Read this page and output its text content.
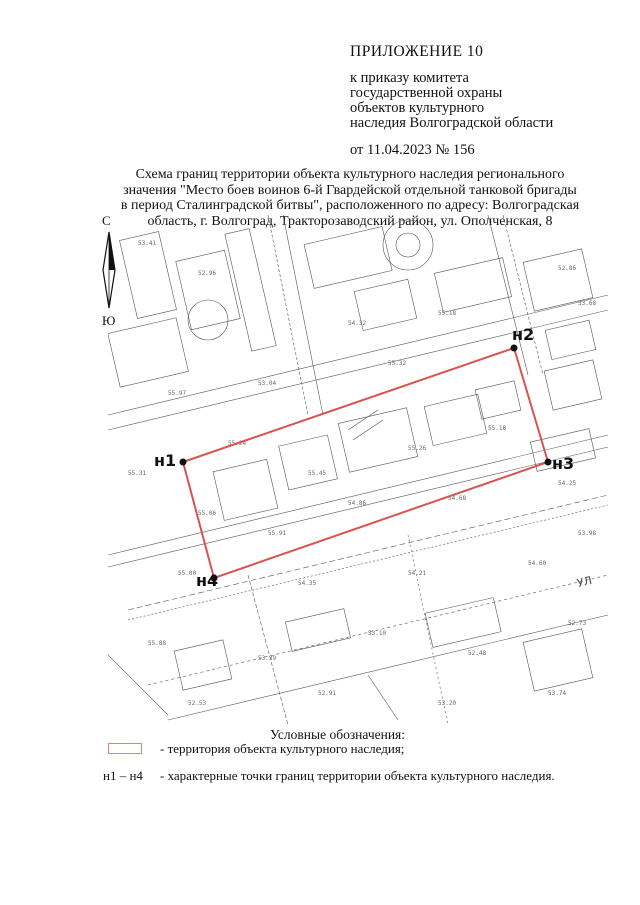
ПРИЛОЖЕНИЕ 10
к приказу комитета
государственной охраны
объектов культурного
наследия Волгоградской области
от 11.04.2023 № 156
Схема границ территории объекта культурного наследия регионального
значения "Место боев воинов 6-й Гвардейской отдельной танковой бригады
в период Сталинградской битвы", расположенного по адресу: Волгоградская
область, г. Волгоград, Тракторозаводский район, ул. Ополченская, 8
С
Ю
53.41
52.96
54.32
55.18
52.86
53.68
55.97
53.04
55.32
55.24
55.45
55.26
55.18
55.06
55.91
54.86
54.68
54.25
55.00
54.35
54.21
54.60
55.88
53.39
53.10
52.48
52.73
52.53
52.91
53.20
53.74
53.98
55.31
УЛ
н1
н2
н3
н4
Условные обозначения:
- территория объекта культурного наследия;
н1 – н4 - характерные точки границ территории объекта культурного наследия.
